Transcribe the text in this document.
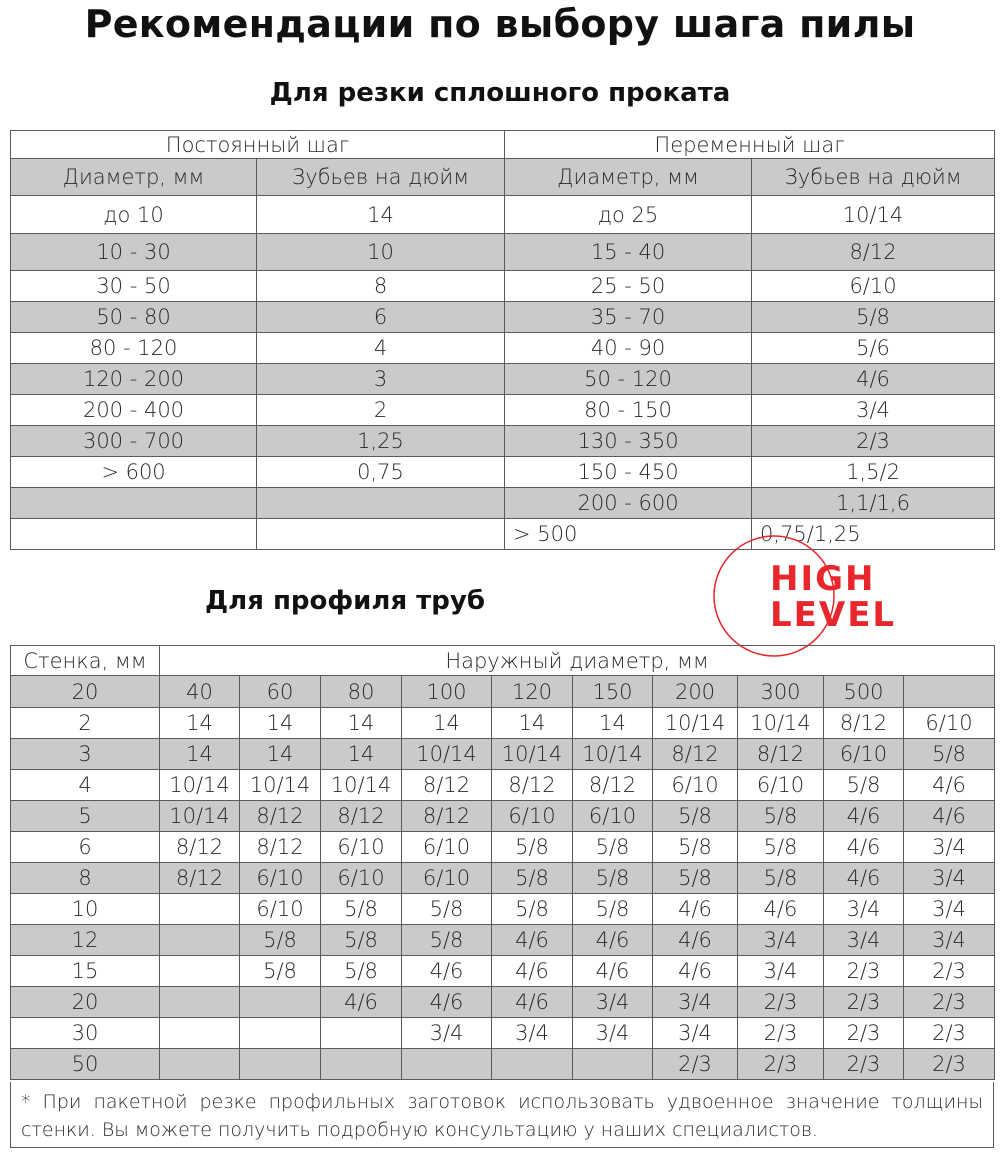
Рекомендации по выбору шага пилы
Для резки сплошного проката
Постоянный шаг		Переменный шаг	
Диаметр, мм	Зубьев на дюйм	Диаметр, мм	Зубьев на дюйм
до 10	14	до 25	10/14
10 - 30	10	15 - 40	8/12
30 - 50	8	25 - 50	6/10
50 - 80	6	35 - 70	5/8
80 - 120	4	40 - 90	5/6
120 - 200	3	50 - 120	4/6
200 - 400	2	80 - 150	3/4
300 - 700	1,25	130 - 350	2/3
> 600	0,75	150 - 450	1,5/2
		200 - 600	1,1/1,6
		> 500	0,75/1,25
Для профиля труб
HIGH
LEVEL
Стенка, мм	Наружный диаметр, мм									
20	40	60	80	100	120	150	200	300	500	
2	14	14	14	14	14	14	10/14	10/14	8/12	6/10
3	14	14	14	10/14	10/14	10/14	8/12	8/12	6/10	5/8
4	10/14	10/14	10/14	8/12	8/12	8/12	6/10	6/10	5/8	4/6
5	10/14	8/12	8/12	8/12	6/10	6/10	5/8	5/8	4/6	4/6
6	8/12	8/12	6/10	6/10	5/8	5/8	5/8	5/8	4/6	3/4
8	8/12	6/10	6/10	6/10	5/8	5/8	5/8	5/8	4/6	3/4
10		6/10	5/8	5/8	5/8	5/8	4/6	4/6	3/4	3/4
12		5/8	5/8	5/8	4/6	4/6	4/6	3/4	3/4	3/4
15		5/8	5/8	4/6	4/6	4/6	4/6	3/4	2/3	2/3
20			4/6	4/6	4/6	3/4	3/4	2/3	2/3	2/3
30				3/4	3/4	3/4	3/4	2/3	2/3	2/3
50							2/3	2/3	2/3	2/3
* При пакетной резке профильных заготовок использовать удвоенное значение толщины стенки. Вы можете получить подробную консультацию у наших специалистов.
